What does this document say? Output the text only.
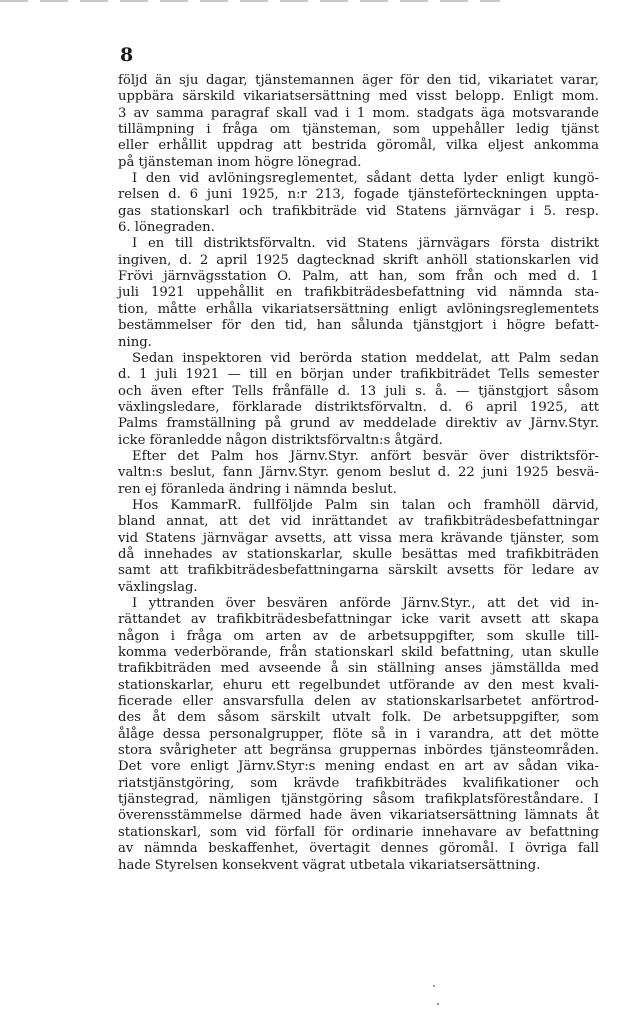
8
följd än sju dagar, tjänstemannen äger för den tid, vikariatet varar,
uppbära särskild vikariatsersättning med visst belopp. Enligt mom.
3 av samma paragraf skall vad i 1 mom. stadgats äga motsvarande
tillämpning i fråga om tjänsteman, som uppehåller ledig tjänst
eller erhållit uppdrag att bestrida göromål, vilka eljest ankomma
på tjänsteman inom högre lönegrad.
I den vid avlöningsreglementet, sådant detta lyder enligt kungö-
relsen d. 6 juni 1925, n:r 213, fogade tjänsteförteckningen uppta-
gas stationskarl och trafikbiträde vid Statens järnvägar i 5. resp.
6. lönegraden.
I en till distriktsförvaltn. vid Statens järnvägars första distrikt
ingiven, d. 2 april 1925 dagtecknad skrift anhöll stationskarlen vid
Frövi järnvägsstation O. Palm, att han, som från och med d. 1
juli 1921 uppehållit en trafikbiträdesbefattning vid nämnda sta-
tion, måtte erhålla vikariatsersättning enligt avlöningsreglementets
bestämmelser för den tid, han sålunda tjänstgjort i högre befatt-
ning.
Sedan inspektoren vid berörda station meddelat, att Palm sedan
d. 1 juli 1921 — till en början under trafikbiträdet Tells semester
och även efter Tells frånfälle d. 13 juli s. å. — tjänstgjort såsom
växlingsledare, förklarade distriktsförvaltn. d. 6 april 1925, att
Palms framställning på grund av meddelade direktiv av Järnv.Styr.
icke föranledde någon distriktsförvaltn:s åtgärd.
Efter det Palm hos Järnv.Styr. anfört besvär över distriktsför-
valtn:s beslut, fann Järnv.Styr. genom beslut d. 22 juni 1925 besvä-
ren ej föranleda ändring i nämnda beslut.
Hos KammarR. fullföljde Palm sin talan och framhöll därvid,
bland annat, att det vid inrättandet av trafikbiträdesbefattningar
vid Statens järnvägar avsetts, att vissa mera krävande tjänster, som
då innehades av stationskarlar, skulle besättas med trafikbiträden
samt att trafikbiträdesbefattningarna särskilt avsetts för ledare av
växlingslag.
I yttranden över besvären anförde Järnv.Styr., att det vid in-
rättandet av trafikbiträdesbefattningar icke varit avsett att skapa
någon i fråga om arten av de arbetsuppgifter, som skulle till-
komma vederbörande, från stationskarl skild befattning, utan skulle
trafikbiträden med avseende å sin ställning anses jämställda med
stationskarlar, ehuru ett regelbundet utförande av den mest kvali-
ficerade eller ansvarsfulla delen av stationskarlsarbetet anförtrod-
des åt dem såsom särskilt utvalt folk. De arbetsuppgifter, som
ålåge dessa personalgrupper, flöte så in i varandra, att det mötte
stora svårigheter att begränsa gruppernas inbördes tjänsteområden.
Det vore enligt Järnv.Styr:s mening endast en art av sådan vika-
riatstjänstgöring, som krävde trafikbiträdes kvalifikationer och
tjänstegrad, nämligen tjänstgöring såsom trafikplatsföreståndare. I
överensstämmelse därmed hade även vikariatsersättning lämnats åt
stationskarl, som vid förfall för ordinarie innehavare av befattning
av nämnda beskaffenhet, övertagit dennes göromål. I övriga fall
hade Styrelsen konsekvent vägrat utbetala vikariatsersättning.
